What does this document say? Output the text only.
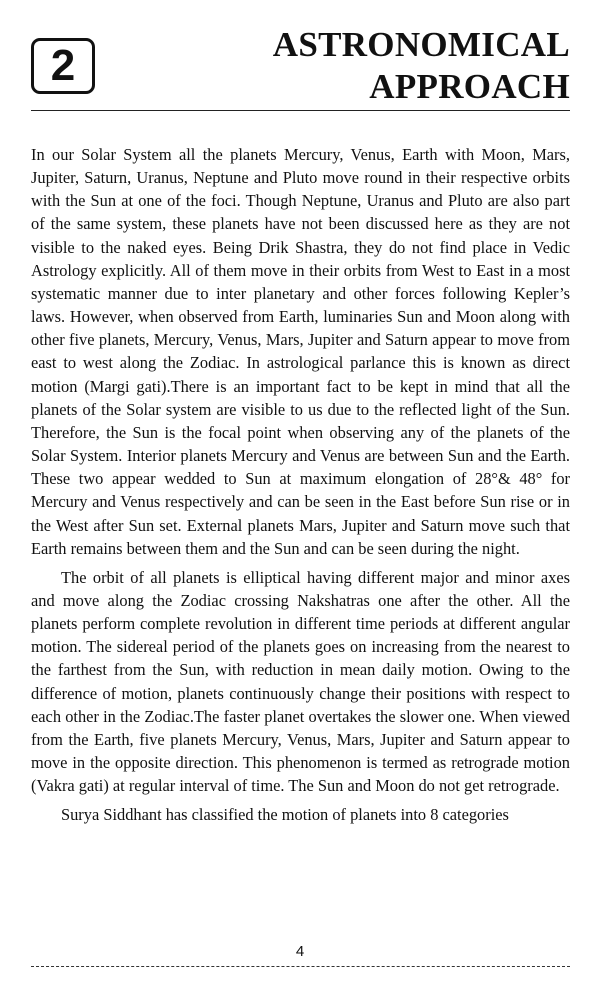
2	ASTRONOMICAL
APPROACH

In our Solar System all the planets Mercury, Venus, Earth with Moon, Mars, Jupiter, Saturn, Uranus, Neptune and Pluto move round in their respective orbits with the Sun at one of the foci. Though Neptune, Uranus and Pluto are also part of the same system, these planets have not been discussed here as they are not visible to the naked eyes. Being Drik Shastra, they do not find place in Vedic Astrology explicitly. All of them move in their orbits from West to East in a most systematic manner due to inter planetary and other forces following Kepler’s laws. However, when observed from Earth, luminaries Sun and Moon along with other five planets, Mercury, Venus, Mars, Jupiter and Saturn appear to move from east to west along the Zodiac. In astrological parlance this is known as direct motion (Margi gati).There is an important fact to be kept in mind that all the planets of the Solar system are visible to us due to the reflected light of the Sun. Therefore, the Sun is the focal point when observing any of the planets of the Solar System. Interior planets Mercury and Venus are between Sun and the Earth. These two appear wedded to Sun at maximum elongation of 28°& 48° for Mercury and Venus respectively and can be seen in the East before Sun rise or in the West after Sun set. External planets Mars, Jupiter and Saturn move such that Earth remains between them and the Sun and can be seen during the night.

The orbit of all planets is elliptical having different major and minor axes and move along the Zodiac crossing Nakshatras one after the other. All the planets perform complete revolution in different time periods at different angular motion. The sidereal period of the planets goes on increasing from the nearest to the farthest from the Sun, with reduction in mean daily motion. Owing to the difference of motion, planets continuously change their positions with respect to each other in the Zodiac.The faster planet overtakes the slower one. When viewed from the Earth, five planets Mercury, Venus, Mars, Jupiter and Saturn appear to move in the opposite direction. This phenomenon is termed as retrograde motion (Vakra gati) at regular interval of time. The Sun and Moon do not get retrograde.

Surya Siddhant has classified the motion of planets into 8 categories

4
